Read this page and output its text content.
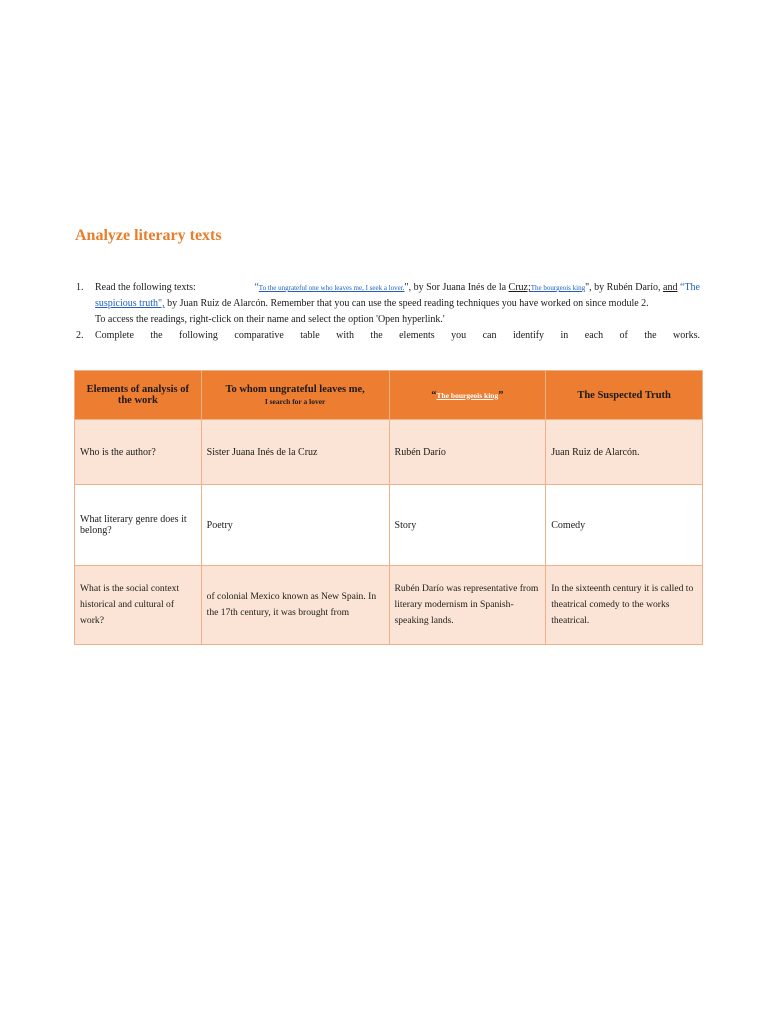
Analyze literary texts
1.	Read the following texts:	“To the ungrateful one who leaves me, I seek a lover.", by Sor Juana Inés de la Cruz;The bourgeois king", by Rubén Darío, and “The
suspicious truth", by Juan Ruiz de Alarcón. Remember that you can use the speed reading techniques you have worked on since module 2.
To access the readings, right-click on their name and select the option 'Open hyperlink.'
2.	Complete the following comparative table with the elements you can identify in each of the works.
Elements of analysis of the work	To whom ungrateful leaves me,
I search for a lover	“The bourgeois king”	The Suspected Truth
Who is the author?	Sister Juana Inés de la Cruz	Rubén Darío	Juan Ruiz de Alarcón.
What literary genre does it belong?	Poetry	Story	Comedy
What is the social context historical and cultural of work?	of colonial Mexico known as New Spain. In the 17th century, it was brought from	Rubén Darío was representative from literary modernism in Spanish-speaking lands.	In the sixteenth century it is called to theatrical comedy to the works theatrical.
